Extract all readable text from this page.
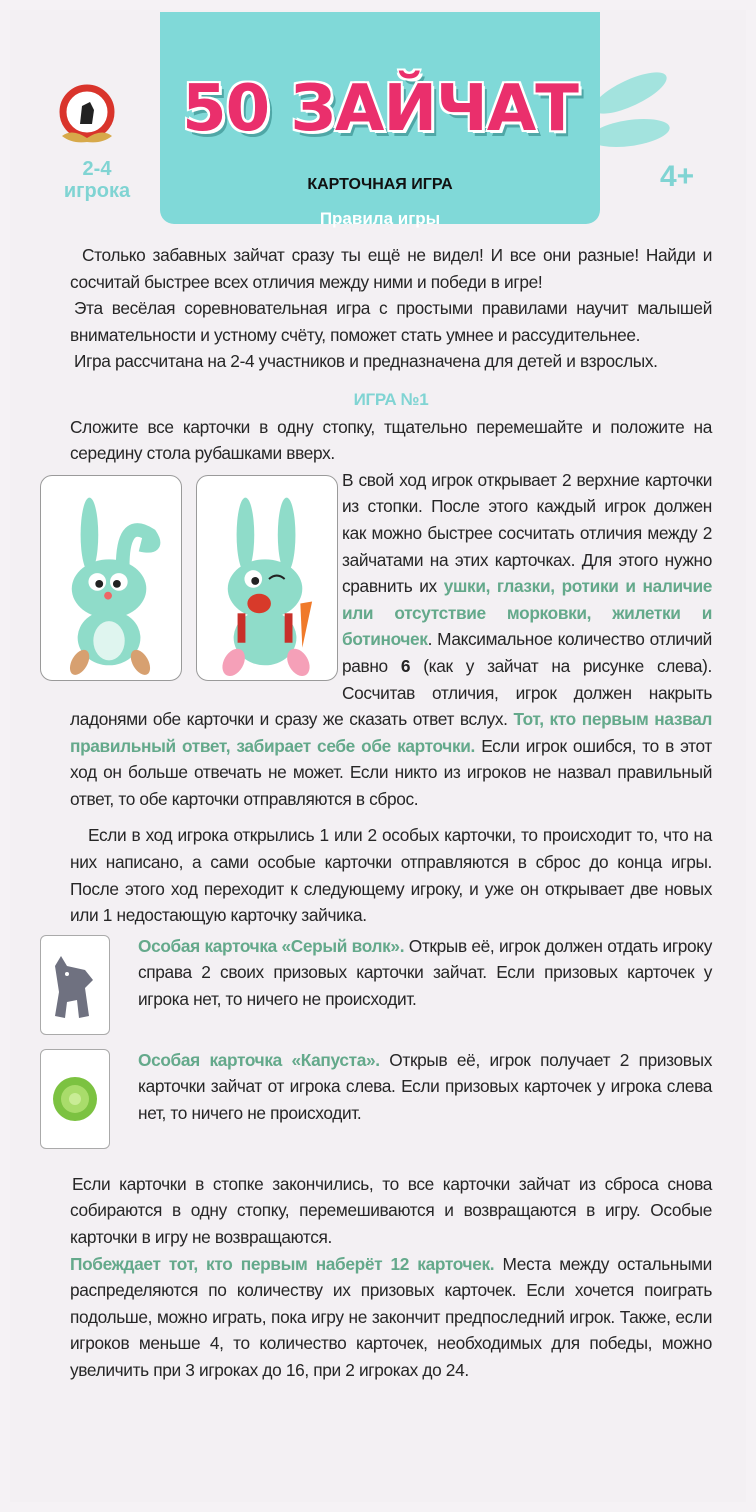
50 ЗАЙЧАТ
КАРТОЧНАЯ ИГРА
Правила игры
2-4
игрока	4+

Столько забавных зайчат сразу ты ещё не видел! И все они разные! Найди и сосчитай быстрее всех отличия между ними и победи в игре!

Эта весёлая соревновательная игра с простыми правилами научит малышей внимательности и устному счёту, поможет стать умнее и рассудительнее.

Игра рассчитана на 2-4 участников и предназначена для детей и взрослых.

ИГРА №1

Сложите все карточки в одну стопку, тщательно перемешайте и положите на середину стола рубашками вверх.

В свой ход игрок открывает 2 верхние карточки из стопки. После этого каждый игрок должен как можно быстрее сосчитать отличия между 2 зайчатами на этих карточках. Для этого нужно сравнить их ушки, глазки, ротики и наличие или отсутствие морковки, жилетки и ботиночек. Максимальное количество отличий равно 6 (как у зайчат на рисунке слева). Сосчитав отличия, игрок должен накрыть ладонями обе карточки и сразу же сказать ответ вслух. Тот, кто первым назвал правильный ответ, забирает себе обе карточки. Если игрок ошибся, то в этот ход он больше отвечать не может. Если никто из игроков не назвал правильный ответ, то обе карточки отправляются в сброс.

Если в ход игрока открылись 1 или 2 особых карточки, то происходит то, что на них написано, а сами особые карточки отправляются в сброс до конца игры. После этого ход переходит к следующему игроку, и уже он открывает две новых или 1 недостающую карточку зайчика.

Особая карточка «Серый волк». Открыв её, игрок должен отдать игроку справа 2 своих призовых карточки зайчат. Если призовых карточек у игрока нет, то ничего не происходит.

Особая карточка «Капуста». Открыв её, игрок получает 2 призовых карточки зайчат от игрока слева. Если призовых карточек у игрока слева нет, то ничего не происходит.

Если карточки в стопке закончились, то все карточки зайчат из сброса снова собираются в одну стопку, перемешиваются и возвращаются в игру. Особые карточки в игру не возвращаются.

Побеждает тот, кто первым наберёт 12 карточек. Места между остальными распределяются по количеству их призовых карточек. Если хочется поиграть подольше, можно играть, пока игру не закончит предпоследний игрок. Также, если игроков меньше 4, то количество карточек, необходимых для победы, можно увеличить при 3 игроках до 16, при 2 игроках до 24.
